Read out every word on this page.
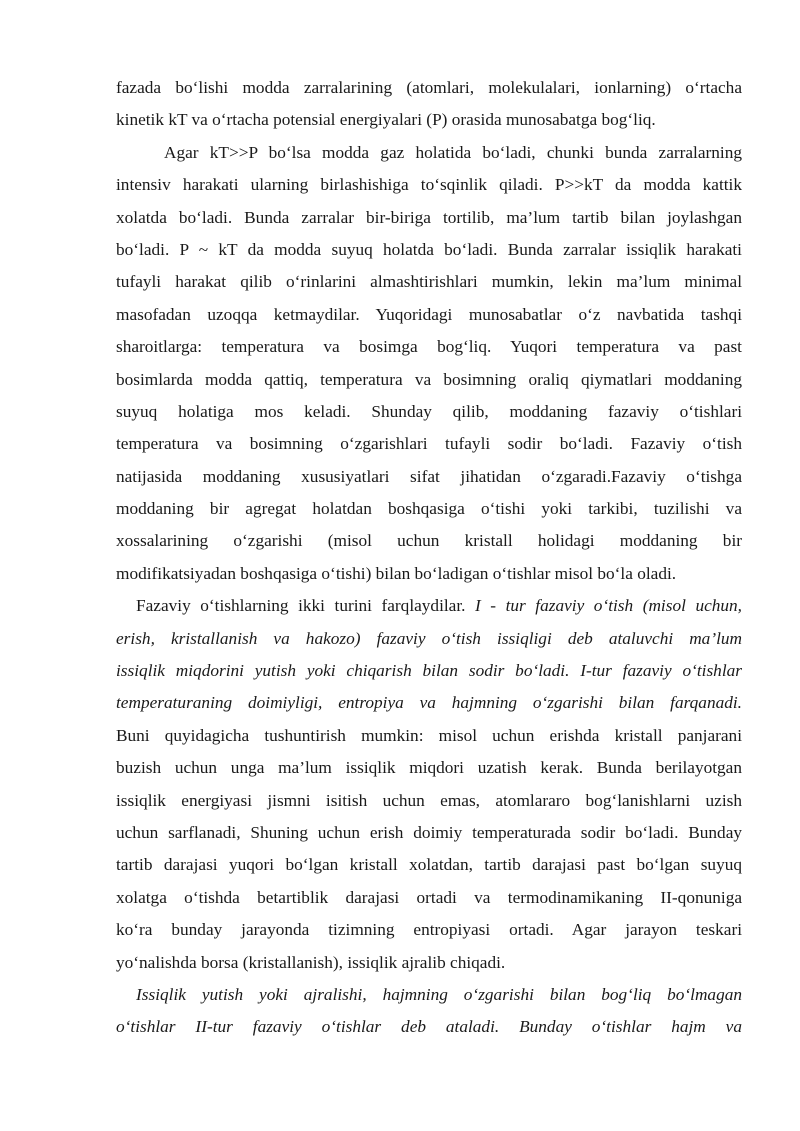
fazada bo‘lishi modda zarralarining (atomlari, molekulalari, ionlarning) o‘rtacha
kinetik kT va o‘rtacha potensial energiyalari (P) orasida munosabatga bog‘liq.
Agar kT>>P bo‘lsa modda gaz holatida bo‘ladi, chunki bunda zarralarning
intensiv harakati ularning birlashishiga to‘sqinlik qiladi. P>>kT da modda kattik
xolatda bo‘ladi. Bunda zarralar bir-biriga tortilib, ma’lum tartib bilan joylashgan
bo‘ladi. P ~ kT da modda suyuq holatda bo‘ladi. Bunda zarralar issiqlik harakati
tufayli harakat qilib o‘rinlarini almashtirishlari mumkin, lekin ma’lum minimal
masofadan uzoqqa ketmaydilar. Yuqoridagi munosabatlar o‘z navbatida tashqi
sharoitlarga: temperatura va bosimga bog‘liq. Yuqori temperatura va past
bosimlarda modda qattiq, temperatura va bosimning oraliq qiymatlari moddaning
suyuq holatiga mos keladi. Shunday qilib, moddaning fazaviy o‘tishlari
temperatura va bosimning o‘zgarishlari tufayli sodir bo‘ladi. Fazaviy o‘tish
natijasida moddaning xususiyatlari sifat jihatidan o‘zgaradi.Fazaviy o‘tishga
moddaning bir agregat holatdan boshqasiga o‘tishi yoki tarkibi, tuzilishi va
xossalarining o‘zgarishi (misol uchun kristall holidagi moddaning bir
modifikatsiyadan boshqasiga o‘tishi) bilan bo‘ladigan o‘tishlar misol bo‘la oladi.
Fazaviy o‘tishlarning ikki turini farqlaydilar. I - tur fazaviy o‘tish (misol uchun,
erish, kristallanish va hakozo) fazaviy o‘tish issiqligi deb ataluvchi ma’lum
issiqlik miqdorini yutish yoki chiqarish bilan sodir bo‘ladi. I-tur fazaviy o‘tishlar
temperaturaning doimiyligi, entropiya va hajmning o‘zgarishi bilan farqanadi.
Buni quyidagicha tushuntirish mumkin: misol uchun erishda kristall panjarani
buzish uchun unga ma’lum issiqlik miqdori uzatish kerak. Bunda berilayotgan
issiqlik energiyasi jismni isitish uchun emas, atomlararo bog‘lanishlarni uzish
uchun sarflanadi, Shuning uchun erish doimiy temperaturada sodir bo‘ladi. Bunday
tartib darajasi yuqori bo‘lgan kristall xolatdan, tartib darajasi past bo‘lgan suyuq
xolatga o‘tishda betartiblik darajasi ortadi va termodinamikaning II-qonuniga
ko‘ra bunday jarayonda tizimning entropiyasi ortadi. Agar jarayon teskari
yo‘nalishda borsa (kristallanish), issiqlik ajralib chiqadi.
Issiqlik yutish yoki ajralishi, hajmning o‘zgarishi bilan bog‘liq bo‘lmagan
o‘tishlar II-tur fazaviy o‘tishlar deb ataladi. Bunday o‘tishlar hajm va
